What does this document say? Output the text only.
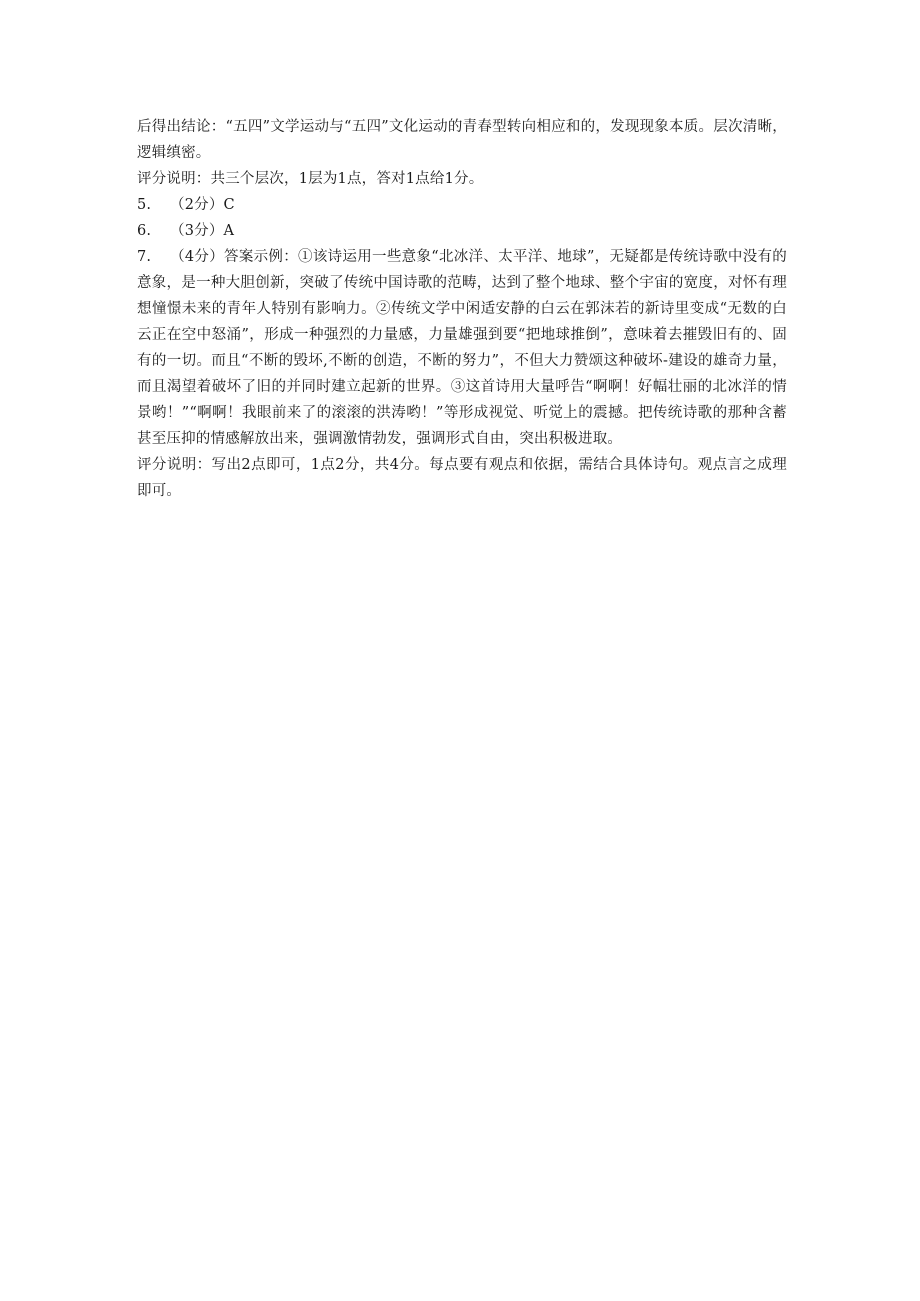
后得出结论：“五四”文学运动与“五四”文化运动的青春型转向相应和的，发现现象本质。层次清晰，逻辑缜密。

评分说明：共三个层次，1层为1点，答对1点给1分。

5.	（2分）C
6.	（3分）A

7. （4分）答案示例：①该诗运用一些意象“北冰洋、太平洋、地球”，无疑都是传统诗歌中没有的意象，是一种大胆创新，突破了传统中国诗歌的范畴，达到了整个地球、整个宇宙的宽度，对怀有理想憧憬未来的青年人特别有影响力。②传统文学中闲适安静的白云在郭沫若的新诗里变成“无数的白云正在空中怒涌”，形成一种强烈的力量感，力量雄强到要“把地球推倒”，意味着去摧毁旧有的、固有的一切。而且“不断的毁坏,不断的创造，不断的努力”，不但大力赞颂这种破坏-建设的雄奇力量，而且渴望着破坏了旧的并同时建立起新的世界。③这首诗用大量呼告“啊啊！好幅壮丽的北冰洋的情景哟！”“啊啊！我眼前来了的滚滚的洪涛哟！”等形成视觉、听觉上的震撼。把传统诗歌的那种含蓄甚至压抑的情感解放出来，强调激情勃发，强调形式自由，突出积极进取。

评分说明：写出2点即可，1点2分，共4分。每点要有观点和依据，需结合具体诗句。观点言之成理即可。
